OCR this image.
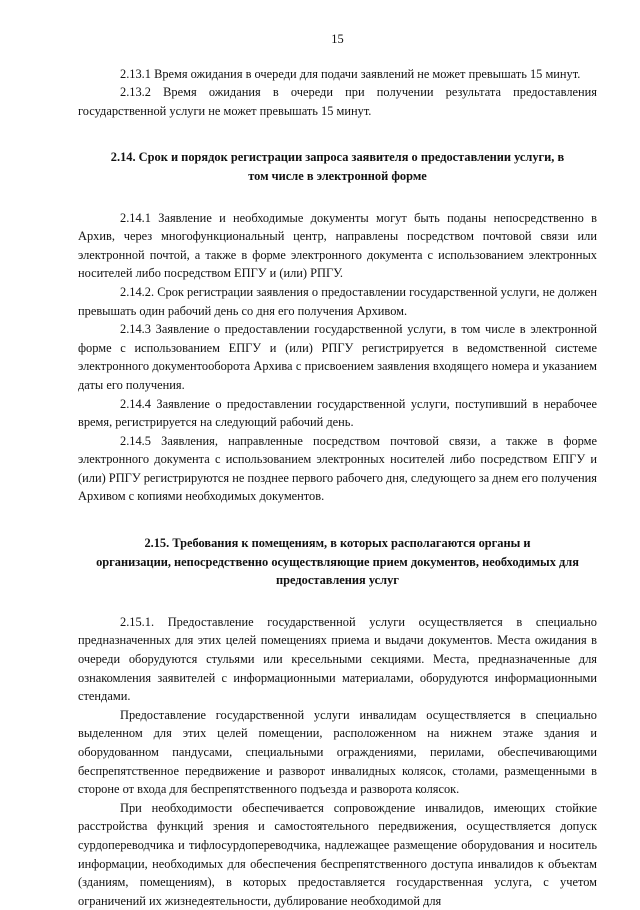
15

2.13.1 Время ожидания в очереди для подачи заявлений не может превышать 15 минут.

2.13.2 Время ожидания в очереди при получении результата предоставления государственной услуги не может превышать 15 минут.

2.14. Срок и порядок регистрации запроса заявителя о предоставлении услуги, в
том числе в электронной форме

2.14.1 Заявление и необходимые документы могут быть поданы непосредственно в Архив, через многофункциональный центр, направлены посредством почтовой связи или электронной почтой, а также в форме электронного документа с использованием электронных носителей либо посредством ЕПГУ и (или) РПГУ.

2.14.2. Срок регистрации заявления о предоставлении государственной услуги, не должен превышать один рабочий день со дня его получения Архивом.

2.14.3 Заявление о предоставлении государственной услуги, в том числе в электронной форме с использованием ЕПГУ и (или) РПГУ регистрируется в ведомственной системе электронного документооборота Архива с присвоением заявления входящего номера и указанием даты его получения.

2.14.4 Заявление о предоставлении государственной услуги, поступивший в нерабочее время, регистрируется на следующий рабочий день.

2.14.5 Заявления, направленные посредством почтовой связи, а также в форме электронного документа с использованием электронных носителей либо посредством ЕПГУ и (или) РПГУ регистрируются не позднее первого рабочего дня, следующего за днем его получения Архивом с копиями необходимых документов.

2.15. Требования к помещениям, в которых располагаются органы и
организации, непосредственно осуществляющие прием документов, необходимых для
предоставления услуг

2.15.1. Предоставление государственной услуги осуществляется в специально предназначенных для этих целей помещениях приема и выдачи документов. Места ожидания в очереди оборудуются стульями или кресельными секциями. Места, предназначенные для ознакомления заявителей с информационными материалами, оборудуются информационными стендами.

Предоставление государственной услуги инвалидам осуществляется в специально выделенном для этих целей помещении, расположенном на нижнем этаже здания и оборудованном пандусами, специальными ограждениями, перилами, обеспечивающими беспрепятственное передвижение и разворот инвалидных колясок, столами, размещенными в стороне от входа для беспрепятственного подъезда и разворота колясок.

При необходимости обеспечивается сопровождение инвалидов, имеющих стойкие расстройства функций зрения и самостоятельного передвижения, осуществляется допуск сурдопереводчика и тифлосурдопереводчика, надлежащее размещение оборудования и носитель информации, необходимых для обеспечения беспрепятственного доступа инвалидов к объектам (зданиям, помещениям), в которых предоставляется государственная услуга, с учетом ограничений их жизнедеятельности, дублирование необходимой для
